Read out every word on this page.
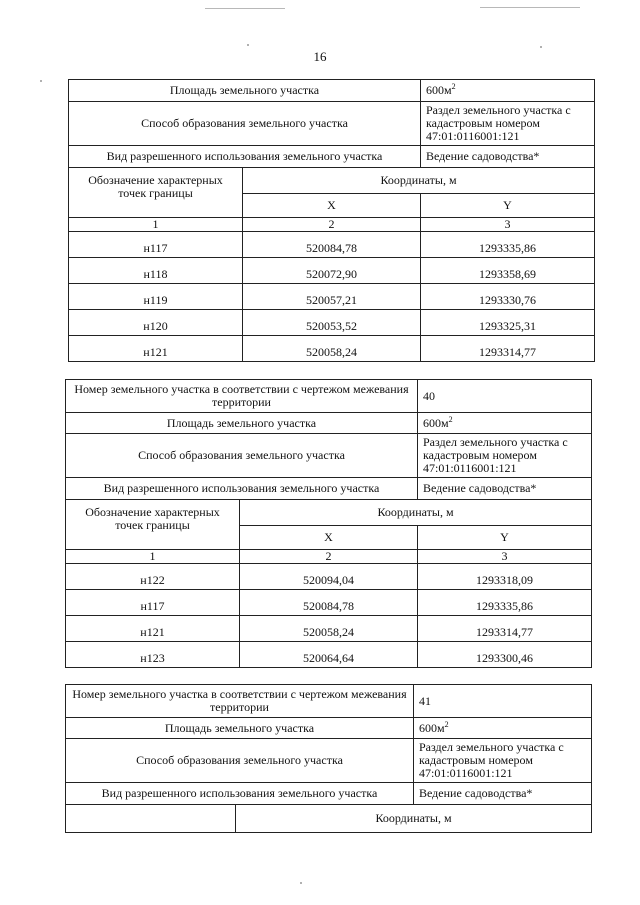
16
Площадь земельного участка	$600м^2$
Способ образования земельного участка	Раздел земельного участка с кадастровым номером 47:01:0116001:121
Вид разрешенного использования земельного участка	Ведение садоводства*
Обозначение характерных точек границы	Координаты, м	
	X	Y
1	2	3
н117	520084,78	1293335,86
н118	520072,90	1293358,69
н119	520057,21	1293330,76
н120	520053,52	1293325,31
н121	520058,24	1293314,77
Номер земельного участка в соответствии с чертежом межевания территории	40
Площадь земельного участка	$600м^2$
Способ образования земельного участка	Раздел земельного участка с кадастровым номером 47:01:0116001:121
Вид разрешенного использования земельного участка	Ведение садоводства*
Обозначение характерных точек границы	Координаты, м	
	X	Y
1	2	3
н122	520094,04	1293318,09
н117	520084,78	1293335,86
н121	520058,24	1293314,77
н123	520064,64	1293300,46
Номер земельного участка в соответствии с чертежом межевания территории	41
Площадь земельного участка	$600м^2$
Способ образования земельного участка	Раздел земельного участка с кадастровым номером 47:01:0116001:121
Вид разрешенного использования земельного участка	Ведение садоводства*
	Координаты, м
